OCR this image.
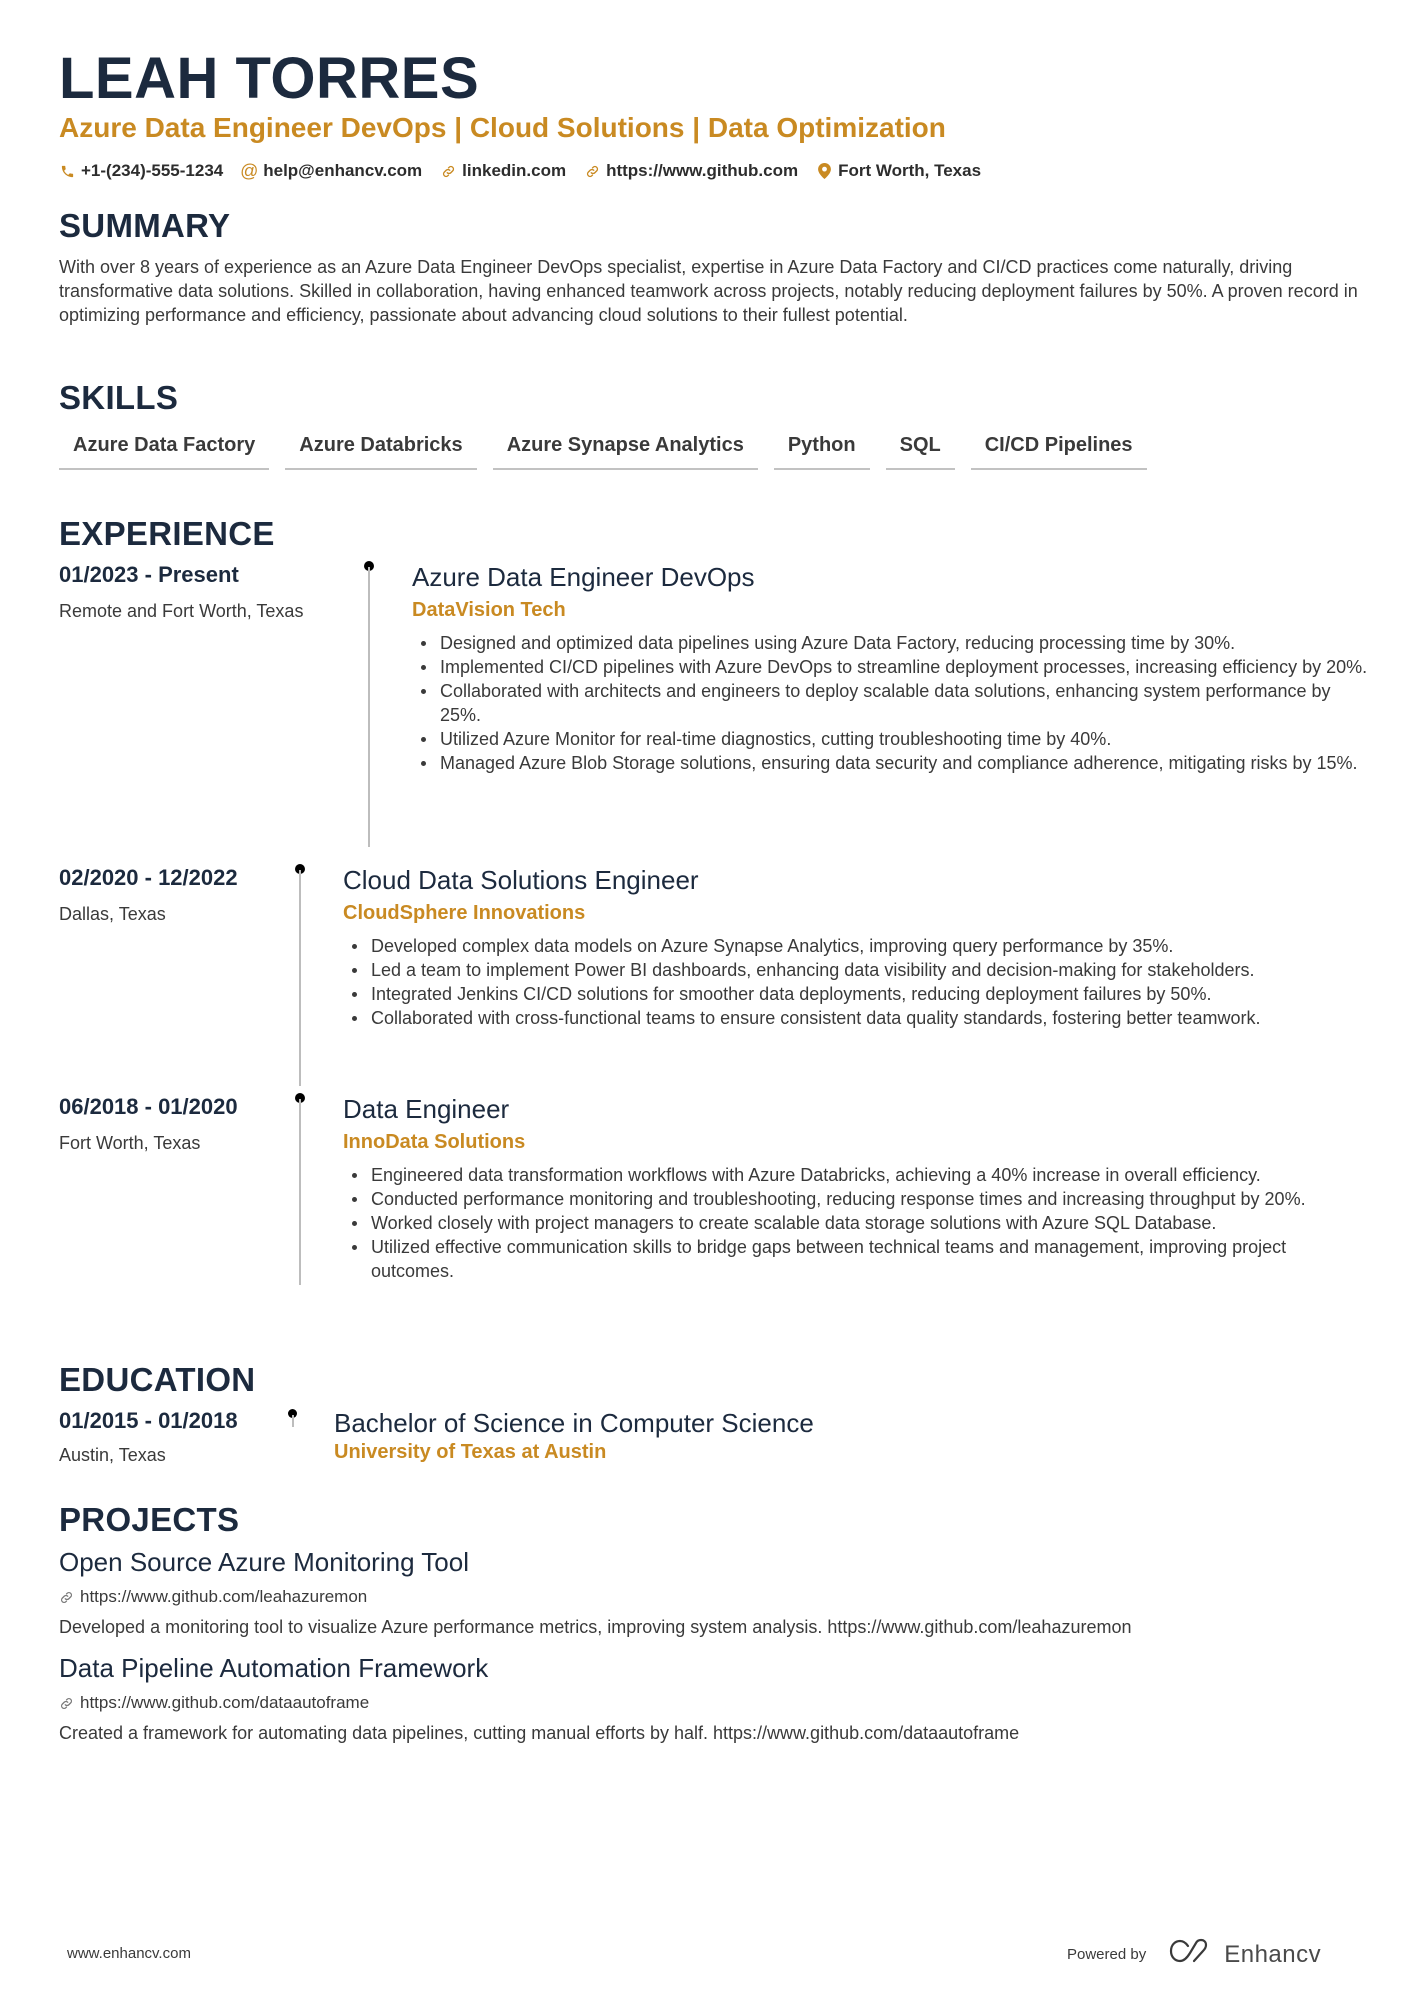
LEAH TORRES
Azure Data Engineer DevOps | Cloud Solutions | Data Optimization
+1-(234)-555-1234 @ help@enhancv.com linkedin.com https://www.github.com Fort Worth, Texas
SUMMARY
With over 8 years of experience as an Azure Data Engineer DevOps specialist, expertise in Azure Data Factory and CI/CD practices come naturally, driving transformative data solutions. Skilled in collaboration, having enhanced teamwork across projects, notably reducing deployment failures by 50%. A proven record in optimizing performance and efficiency, passionate about advancing cloud solutions to their fullest potential.
SKILLS
Azure Data Factory	Azure Databricks	Azure Synapse Analytics	Python	SQL	CI/CD Pipelines
EXPERIENCE
01/2023 - Present
Remote and Fort Worth, Texas
Azure Data Engineer DevOps
DataVision Tech
Designed and optimized data pipelines using Azure Data Factory, reducing processing time by 30%.
Implemented CI/CD pipelines with Azure DevOps to streamline deployment processes, increasing efficiency by 20%.
Collaborated with architects and engineers to deploy scalable data solutions, enhancing system performance by 25%.
Utilized Azure Monitor for real-time diagnostics, cutting troubleshooting time by 40%.
Managed Azure Blob Storage solutions, ensuring data security and compliance adherence, mitigating risks by 15%.
02/2020 - 12/2022
Dallas, Texas
Cloud Data Solutions Engineer
CloudSphere Innovations
Developed complex data models on Azure Synapse Analytics, improving query performance by 35%.
Led a team to implement Power BI dashboards, enhancing data visibility and decision-making for stakeholders.
Integrated Jenkins CI/CD solutions for smoother data deployments, reducing deployment failures by 50%.
Collaborated with cross-functional teams to ensure consistent data quality standards, fostering better teamwork.
06/2018 - 01/2020
Fort Worth, Texas
Data Engineer
InnoData Solutions
Engineered data transformation workflows with Azure Databricks, achieving a 40% increase in overall efficiency.
Conducted performance monitoring and troubleshooting, reducing response times and increasing throughput by 20%.
Worked closely with project managers to create scalable data storage solutions with Azure SQL Database.
Utilized effective communication skills to bridge gaps between technical teams and management, improving project outcomes.
EDUCATION
01/2015 - 01/2018
Austin, Texas
Bachelor of Science in Computer Science
University of Texas at Austin
PROJECTS
Open Source Azure Monitoring Tool
https://www.github.com/leahazuremon
Developed a monitoring tool to visualize Azure performance metrics, improving system analysis. https://www.github.com/leahazuremon
Data Pipeline Automation Framework
https://www.github.com/dataautoframe
Created a framework for automating data pipelines, cutting manual efforts by half. https://www.github.com/dataautoframe
www.enhancv.com	Powered by	Enhancv
